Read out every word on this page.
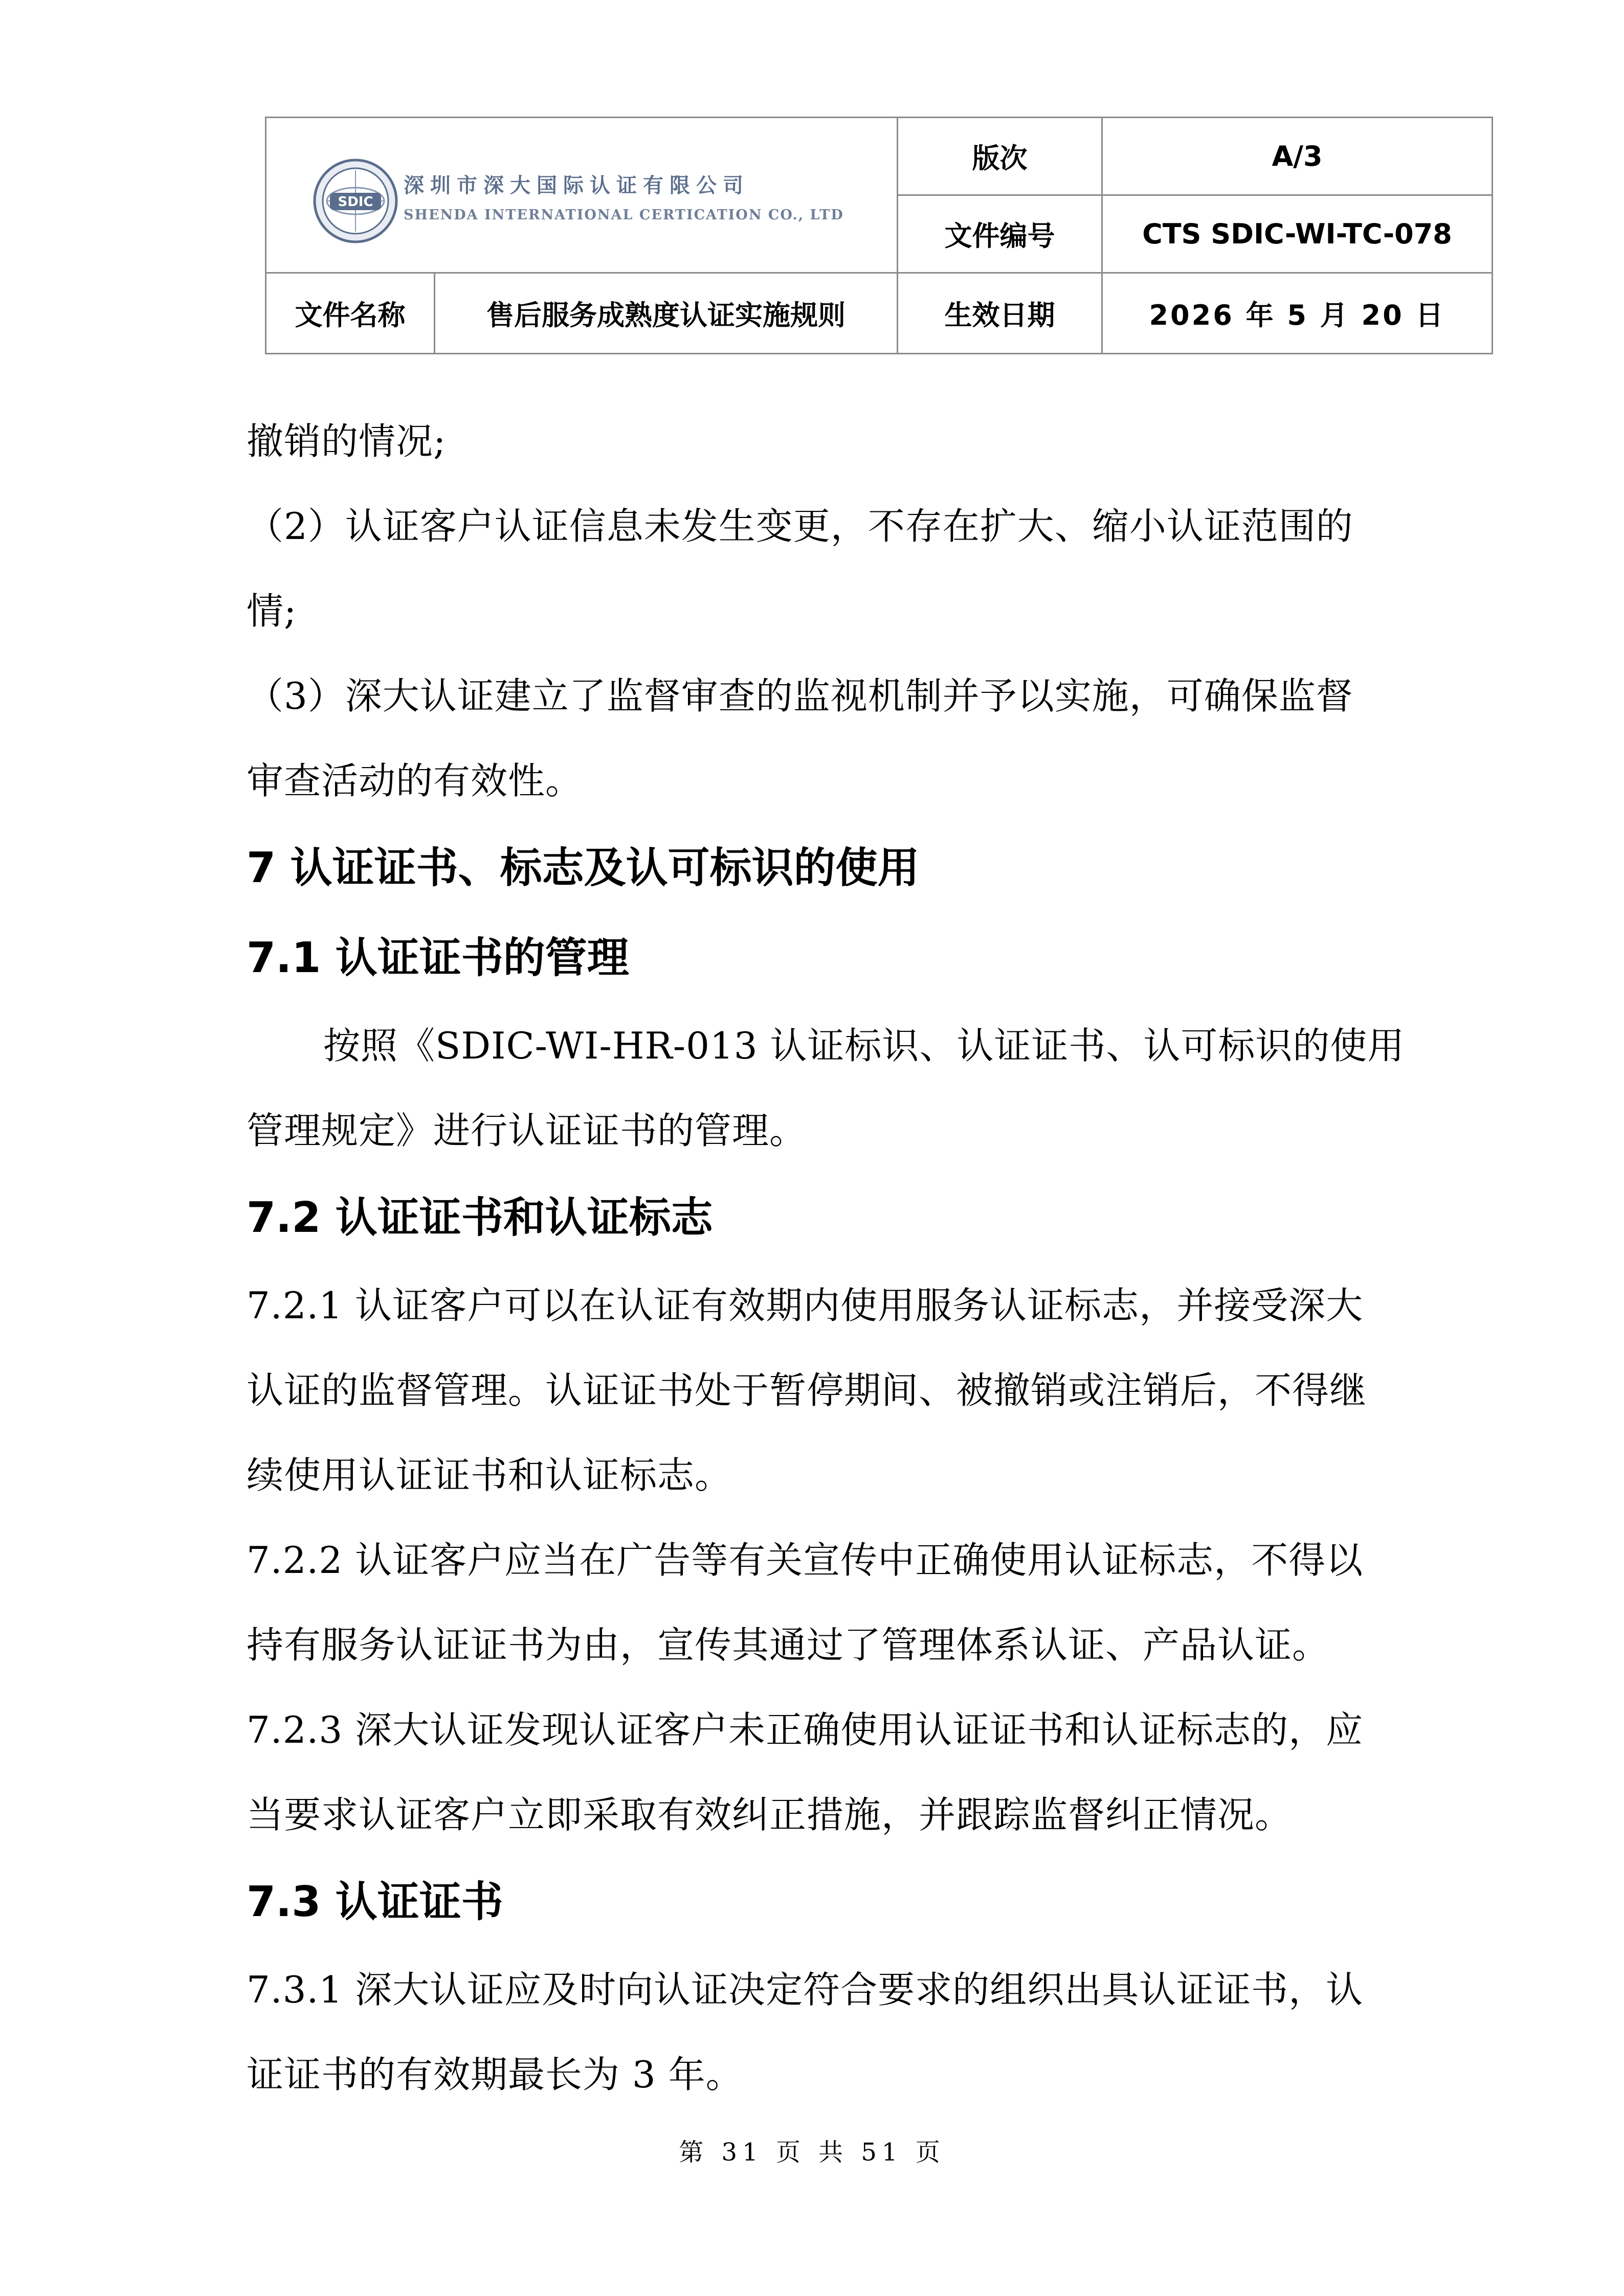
SDIC
深圳市深大国际认证有限公司
SHENDA INTERNATIONAL CERTICATION CO., LTD		版次	A/3
		文件编号	CTS SDIC-WI-TC-078
文件名称	售后服务成熟度认证实施规则	生效日期	2026 年 5 月 20 日

撤销的情况;

（2）认证客户认证信息未发生变更，不存在扩大、缩小认证范围的

情;

（3）深大认证建立了监督审查的监视机制并予以实施，可确保监督

审查活动的有效性。

7 认证证书、标志及认可标识的使用
7.1 认证证书的管理

按照《SDIC-WI-HR-013 认证标识、认证证书、认可标识的使用

管理规定》进行认证证书的管理。

7.2 认证证书和认证标志

7.2.1 认证客户可以在认证有效期内使用服务认证标志，并接受深大

认证的监督管理。认证证书处于暂停期间、被撤销或注销后，不得继

续使用认证证书和认证标志。

7.2.2 认证客户应当在广告等有关宣传中正确使用认证标志，不得以

持有服务认证证书为由，宣传其通过了管理体系认证、产品认证。

7.2.3 深大认证发现认证客户未正确使用认证证书和认证标志的，应

当要求认证客户立即采取有效纠正措施，并跟踪监督纠正情况。

7.3 认证证书

7.3.1 深大认证应及时向认证决定符合要求的组织出具认证证书，认

证证书的有效期最长为 3 年。

第 31 页 共 51 页
